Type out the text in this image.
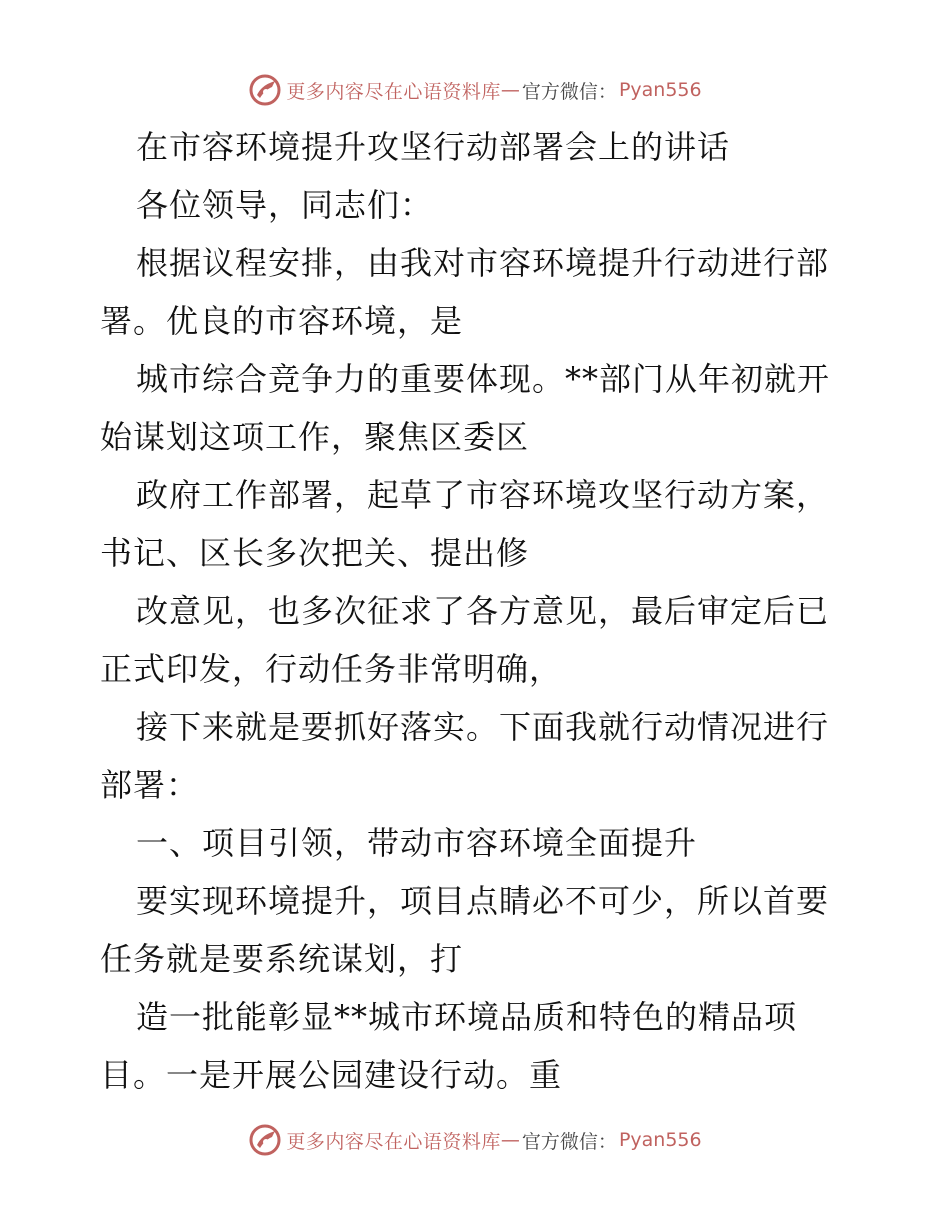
更多内容尽在心语资料库 — 官方微信： Pyan556
在市容环境提升攻坚行动部署会上的讲话
各位领导，同志们：
根据议程安排，由我对市容环境提升行动进行部
署。优良的市容环境，是
城市综合竞争力的重要体现。**部门从年初就开
始谋划这项工作，聚焦区委区
政府工作部署，起草了市容环境攻坚行动方案，
书记、区长多次把关、提出修
改意见，也多次征求了各方意见，最后审定后已
正式印发，行动任务非常明确，
接下来就是要抓好落实。下面我就行动情况进行
部署：
一、项目引领，带动市容环境全面提升
要实现环境提升，项目点睛必不可少，所以首要
任务就是要系统谋划，打
造一批能彰显**城市环境品质和特色的精品项
目。一是开展公园建设行动。重
更多内容尽在心语资料库 — 官方微信： Pyan556
